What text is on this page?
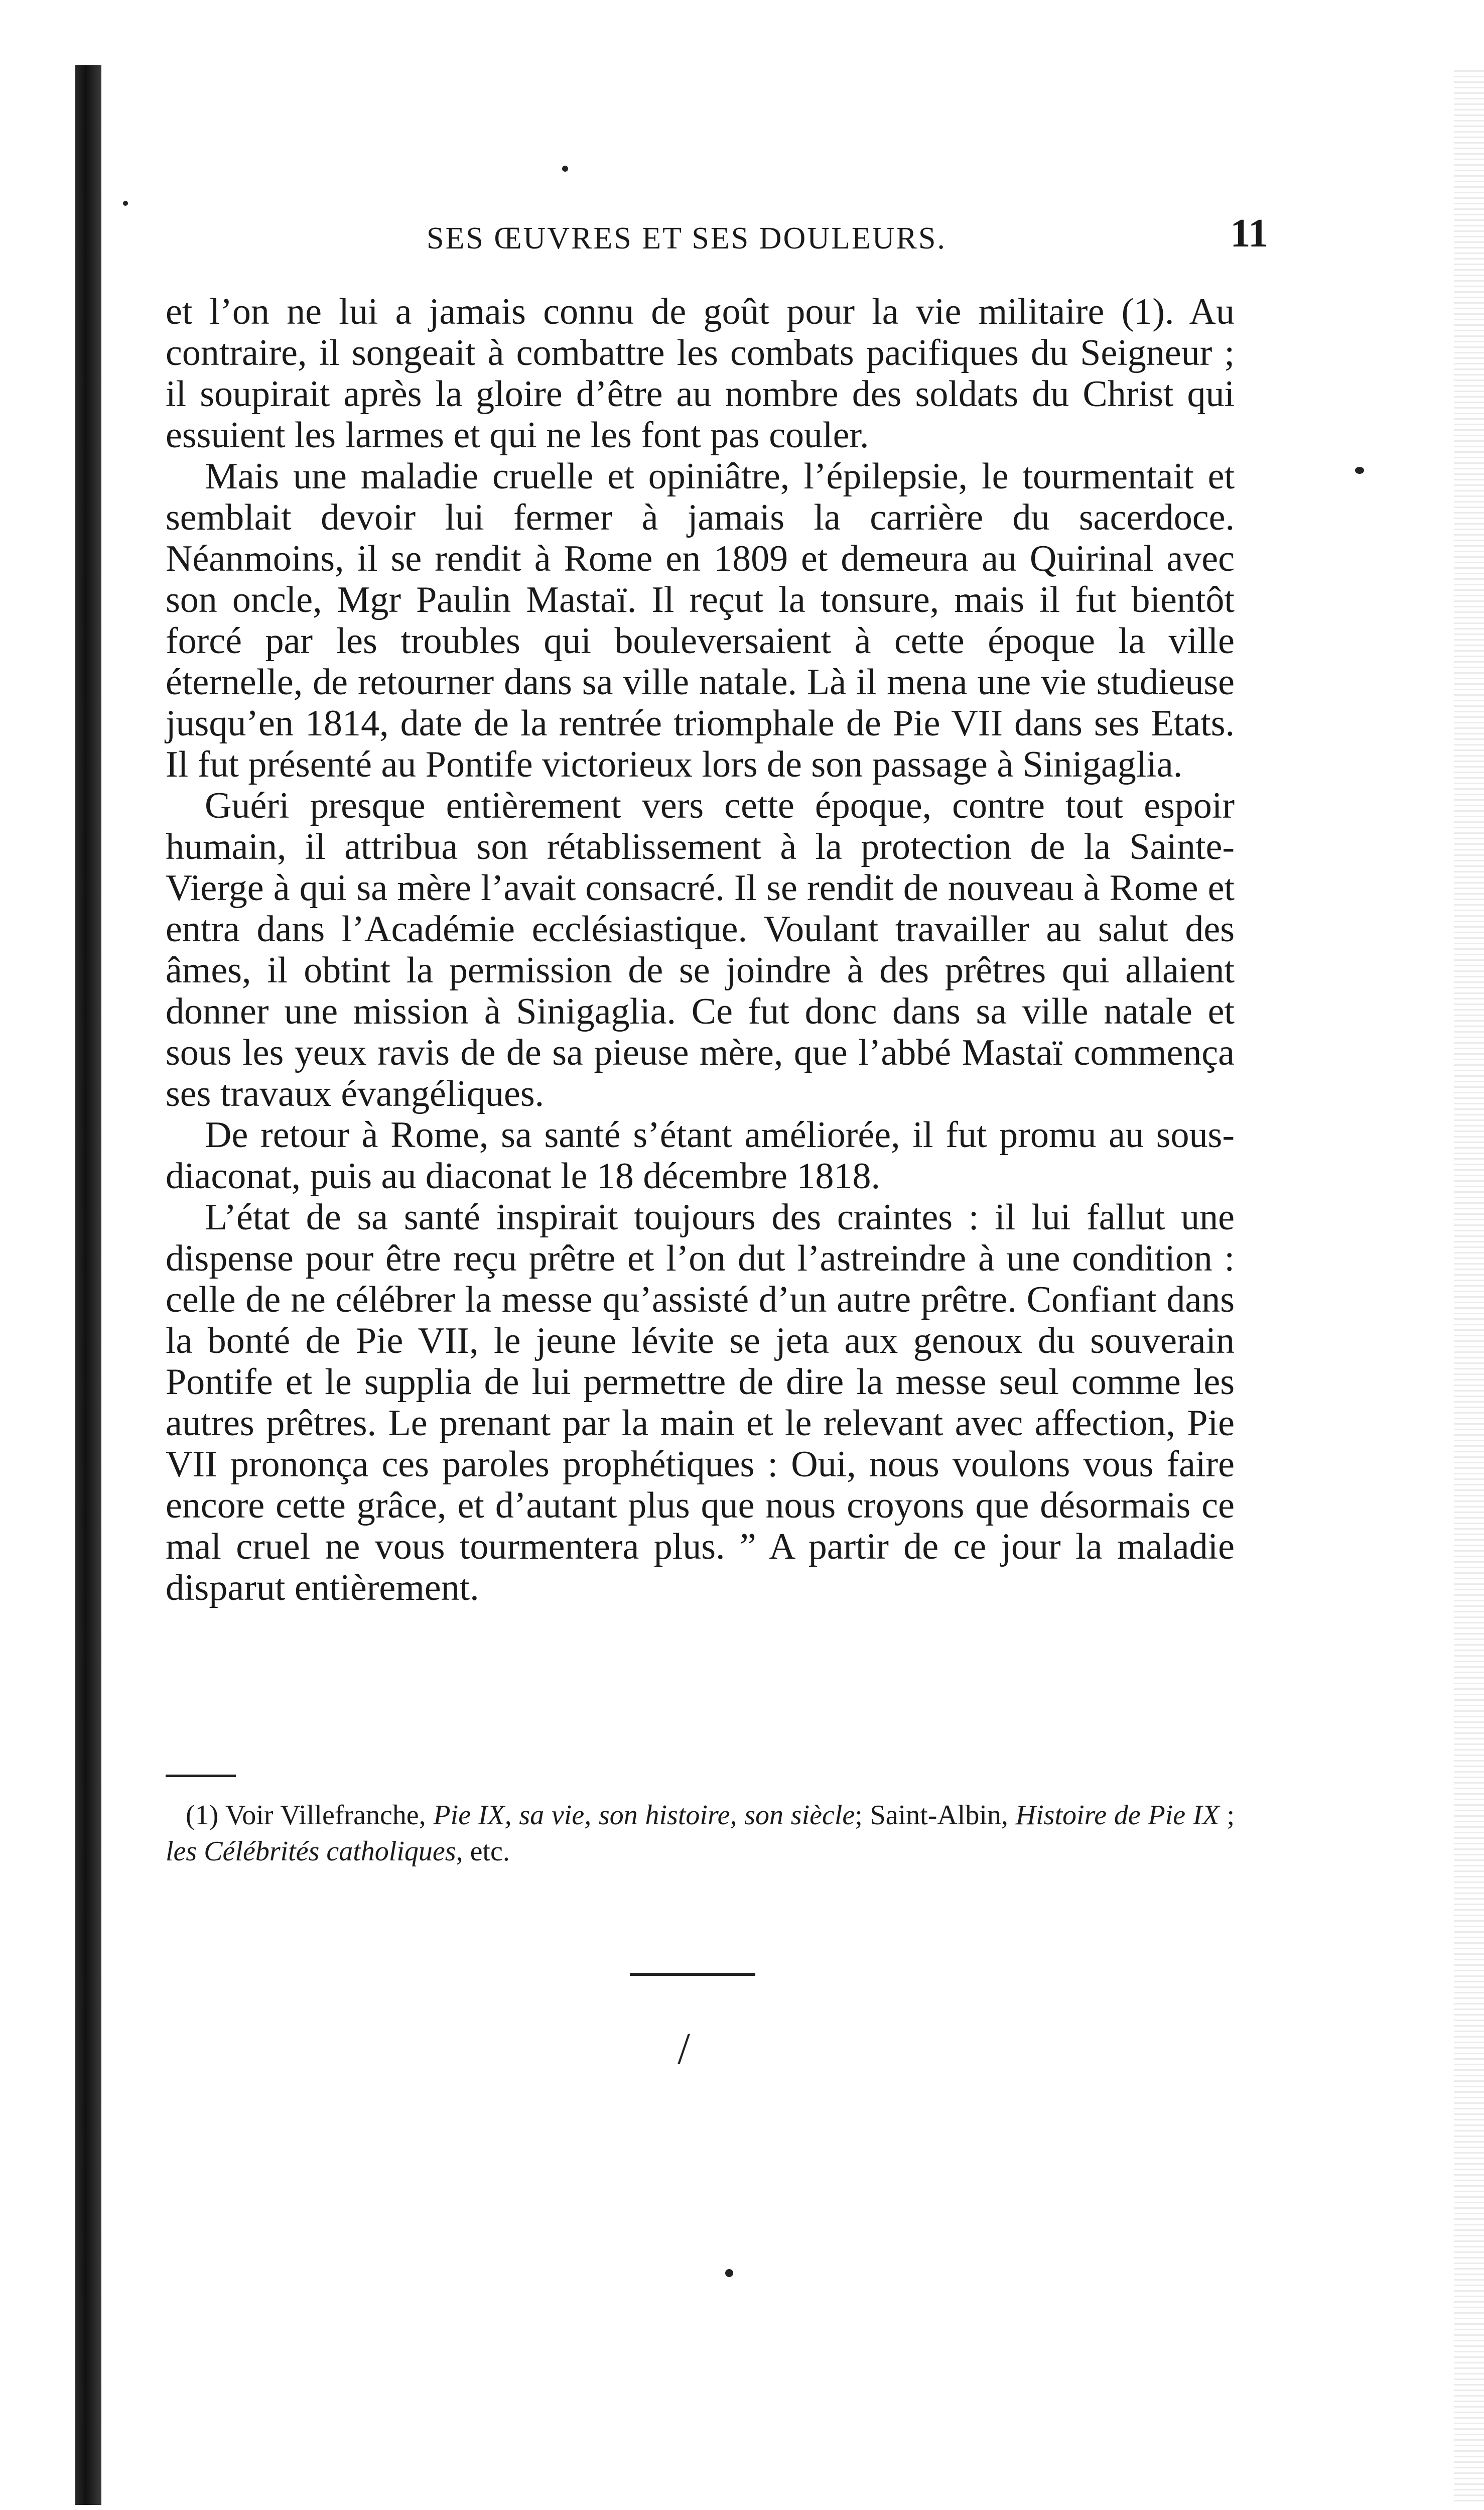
SES ŒUVRES ET SES DOULEURS.	11

et l’on ne lui a jamais connu de goût pour la vie militaire (1). Au contraire, il songeait à combattre les combats pacifiques du Seigneur ; il soupirait après la gloire d’être au nombre des soldats du Christ qui essuient les larmes et qui ne les font pas couler.

Mais une maladie cruelle et opiniâtre, l’épilepsie, le tourmentait et semblait devoir lui fermer à jamais la carrière du sacerdoce. Néanmoins, il se rendit à Rome en 1809 et demeura au Quirinal avec son oncle, Mgr Paulin Mastaï. Il reçut la tonsure, mais il fut bientôt forcé par les troubles qui bouleversaient à cette époque la ville éternelle, de retourner dans sa ville natale. Là il mena une vie studieuse jusqu’en 1814, date de la rentrée triomphale de Pie VII dans ses Etats. Il fut présenté au Pontife victorieux lors de son passage à Sinigaglia.

Guéri presque entièrement vers cette époque, contre tout espoir humain, il attribua son rétablissement à la protection de la Sainte-Vierge à qui sa mère l’avait consacré. Il se rendit de nouveau à Rome et entra dans l’Académie ecclésiastique. Voulant travailler au salut des âmes, il obtint la permission de se joindre à des prêtres qui allaient donner une mission à Sinigaglia. Ce fut donc dans sa ville natale et sous les yeux ravis de de sa pieuse mère, que l’abbé Mastaï commença ses travaux évangéliques.

De retour à Rome, sa santé s’étant améliorée, il fut promu au sous-diaconat, puis au diaconat le 18 décembre 1818.

L’état de sa santé inspirait toujours des craintes : il lui fallut une dispense pour être reçu prêtre et l’on dut l’astreindre à une condition : celle de ne célébrer la messe qu’assisté d’un autre prêtre. Confiant dans la bonté de Pie VII, le jeune lévite se jeta aux genoux du souverain Pontife et le supplia de lui permettre de dire la messe seul comme les autres prêtres. Le prenant par la main et le relevant avec affection, Pie VII prononça ces paroles prophétiques : Oui, nous voulons vous faire encore cette grâce, et d’autant plus que nous croyons que désormais ce mal cruel ne vous tourmentera plus. ” A partir de ce jour la maladie disparut entièrement.

(1) Voir Villefranche, Pie IX, sa vie, son histoire, son siècle; Saint-Albin, Histoire de Pie IX ; les Célébrités catholiques, etc.
/
